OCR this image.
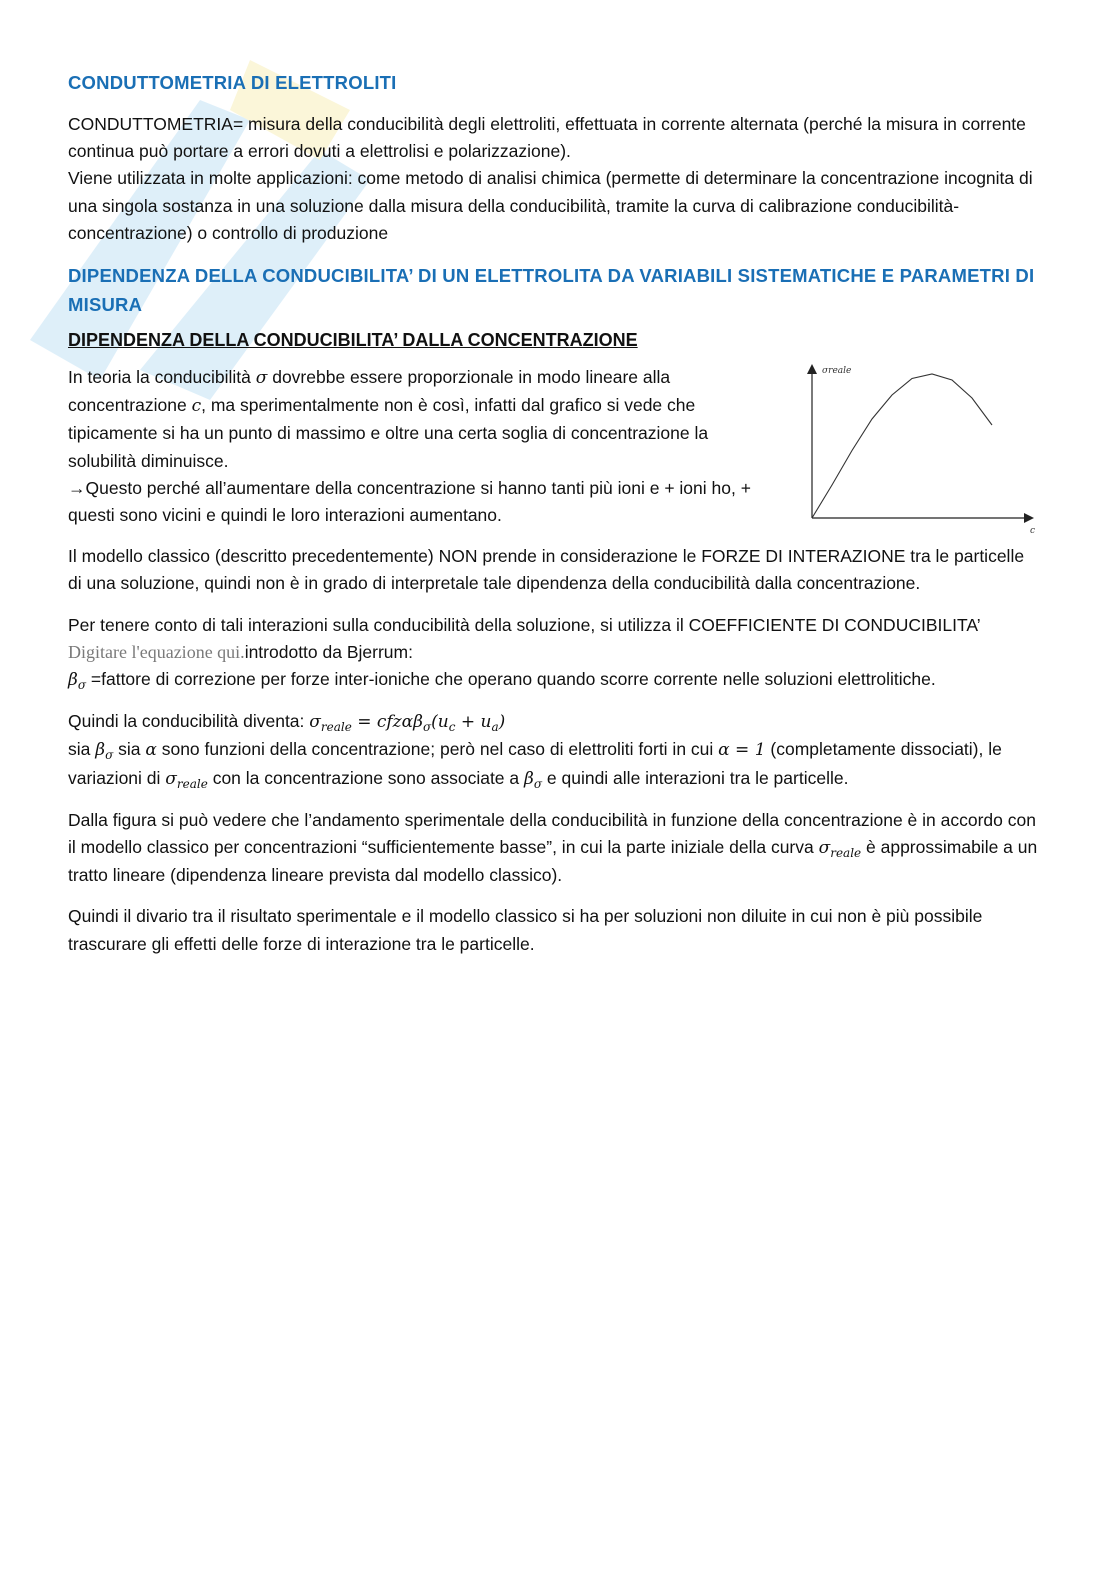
CONDUTTOMETRIA DI ELETTROLITI

CONDUTTOMETRIA= misura della conducibilità degli elettroliti, effettuata in corrente alternata (perché la misura in corrente continua può portare a errori dovuti a elettrolisi e polarizzazione).

Viene utilizzata in molte applicazioni: come metodo di analisi chimica (permette di determinare la concentrazione incognita di una singola sostanza in una soluzione dalla misura della conducibilità, tramite la curva di calibrazione conducibilità-concentrazione) o controllo di produzione

DIPENDENZA DELLA CONDUCIBILITA’ DI UN ELETTROLITA DA VARIABILI SISTEMATICHE E PARAMETRI DI MISURA
DIPENDENZA DELLA CONDUCIBILITA’ DALLA CONCENTRAZIONE

In teoria la conducibilità σ dovrebbe essere proporzionale in modo lineare alla concentrazione c, ma sperimentalmente non è così, infatti dal grafico si vede che tipicamente si ha un punto di massimo e oltre una certa soglia di concentrazione la solubilità diminuisce.
→Questo perché all’aumentare della concentrazione si hanno tanti più ioni e + ioni ho, + questi sono vicini e quindi le loro interazioni aumentano.

σreale
c

Il modello classico (descritto precedentemente) NON prende in considerazione le FORZE DI INTERAZIONE tra le particelle di una soluzione, quindi non è in grado di interpretale tale dipendenza della conducibilità dalla concentrazione.

Per tenere conto di tali interazioni sulla conducibilità della soluzione, si utilizza il COEFFICIENTE DI CONDUCIBILITA’ Digitare l'equazione qui.introdotto da Bjerrum:
$\beta_\sigma$ =fattore di correzione per forze inter-ioniche che operano quando scorre corrente nelle soluzioni elettrolitiche.

Quindi la conducibilità diventa: $\sigma_{reale} = cfz\alpha\beta_\sigma(u_c + u_a)$
sia $\beta_\sigma$ sia α sono funzioni della concentrazione; però nel caso di elettroliti forti in cui α = 1 (completamente dissociati), le variazioni di $\sigma_{reale}$ con la concentrazione sono associate a $\beta_\sigma$ e quindi alle interazioni tra le particelle.

Dalla figura si può vedere che l’andamento sperimentale della conducibilità in funzione della concentrazione è in accordo con il modello classico per concentrazioni “sufficientemente basse”, in cui la parte iniziale della curva $\sigma_{reale}$ è approssimabile a un tratto lineare (dipendenza lineare prevista dal modello classico).

Quindi il divario tra il risultato sperimentale e il modello classico si ha per soluzioni non diluite in cui non è più possibile trascurare gli effetti delle forze di interazione tra le particelle.
